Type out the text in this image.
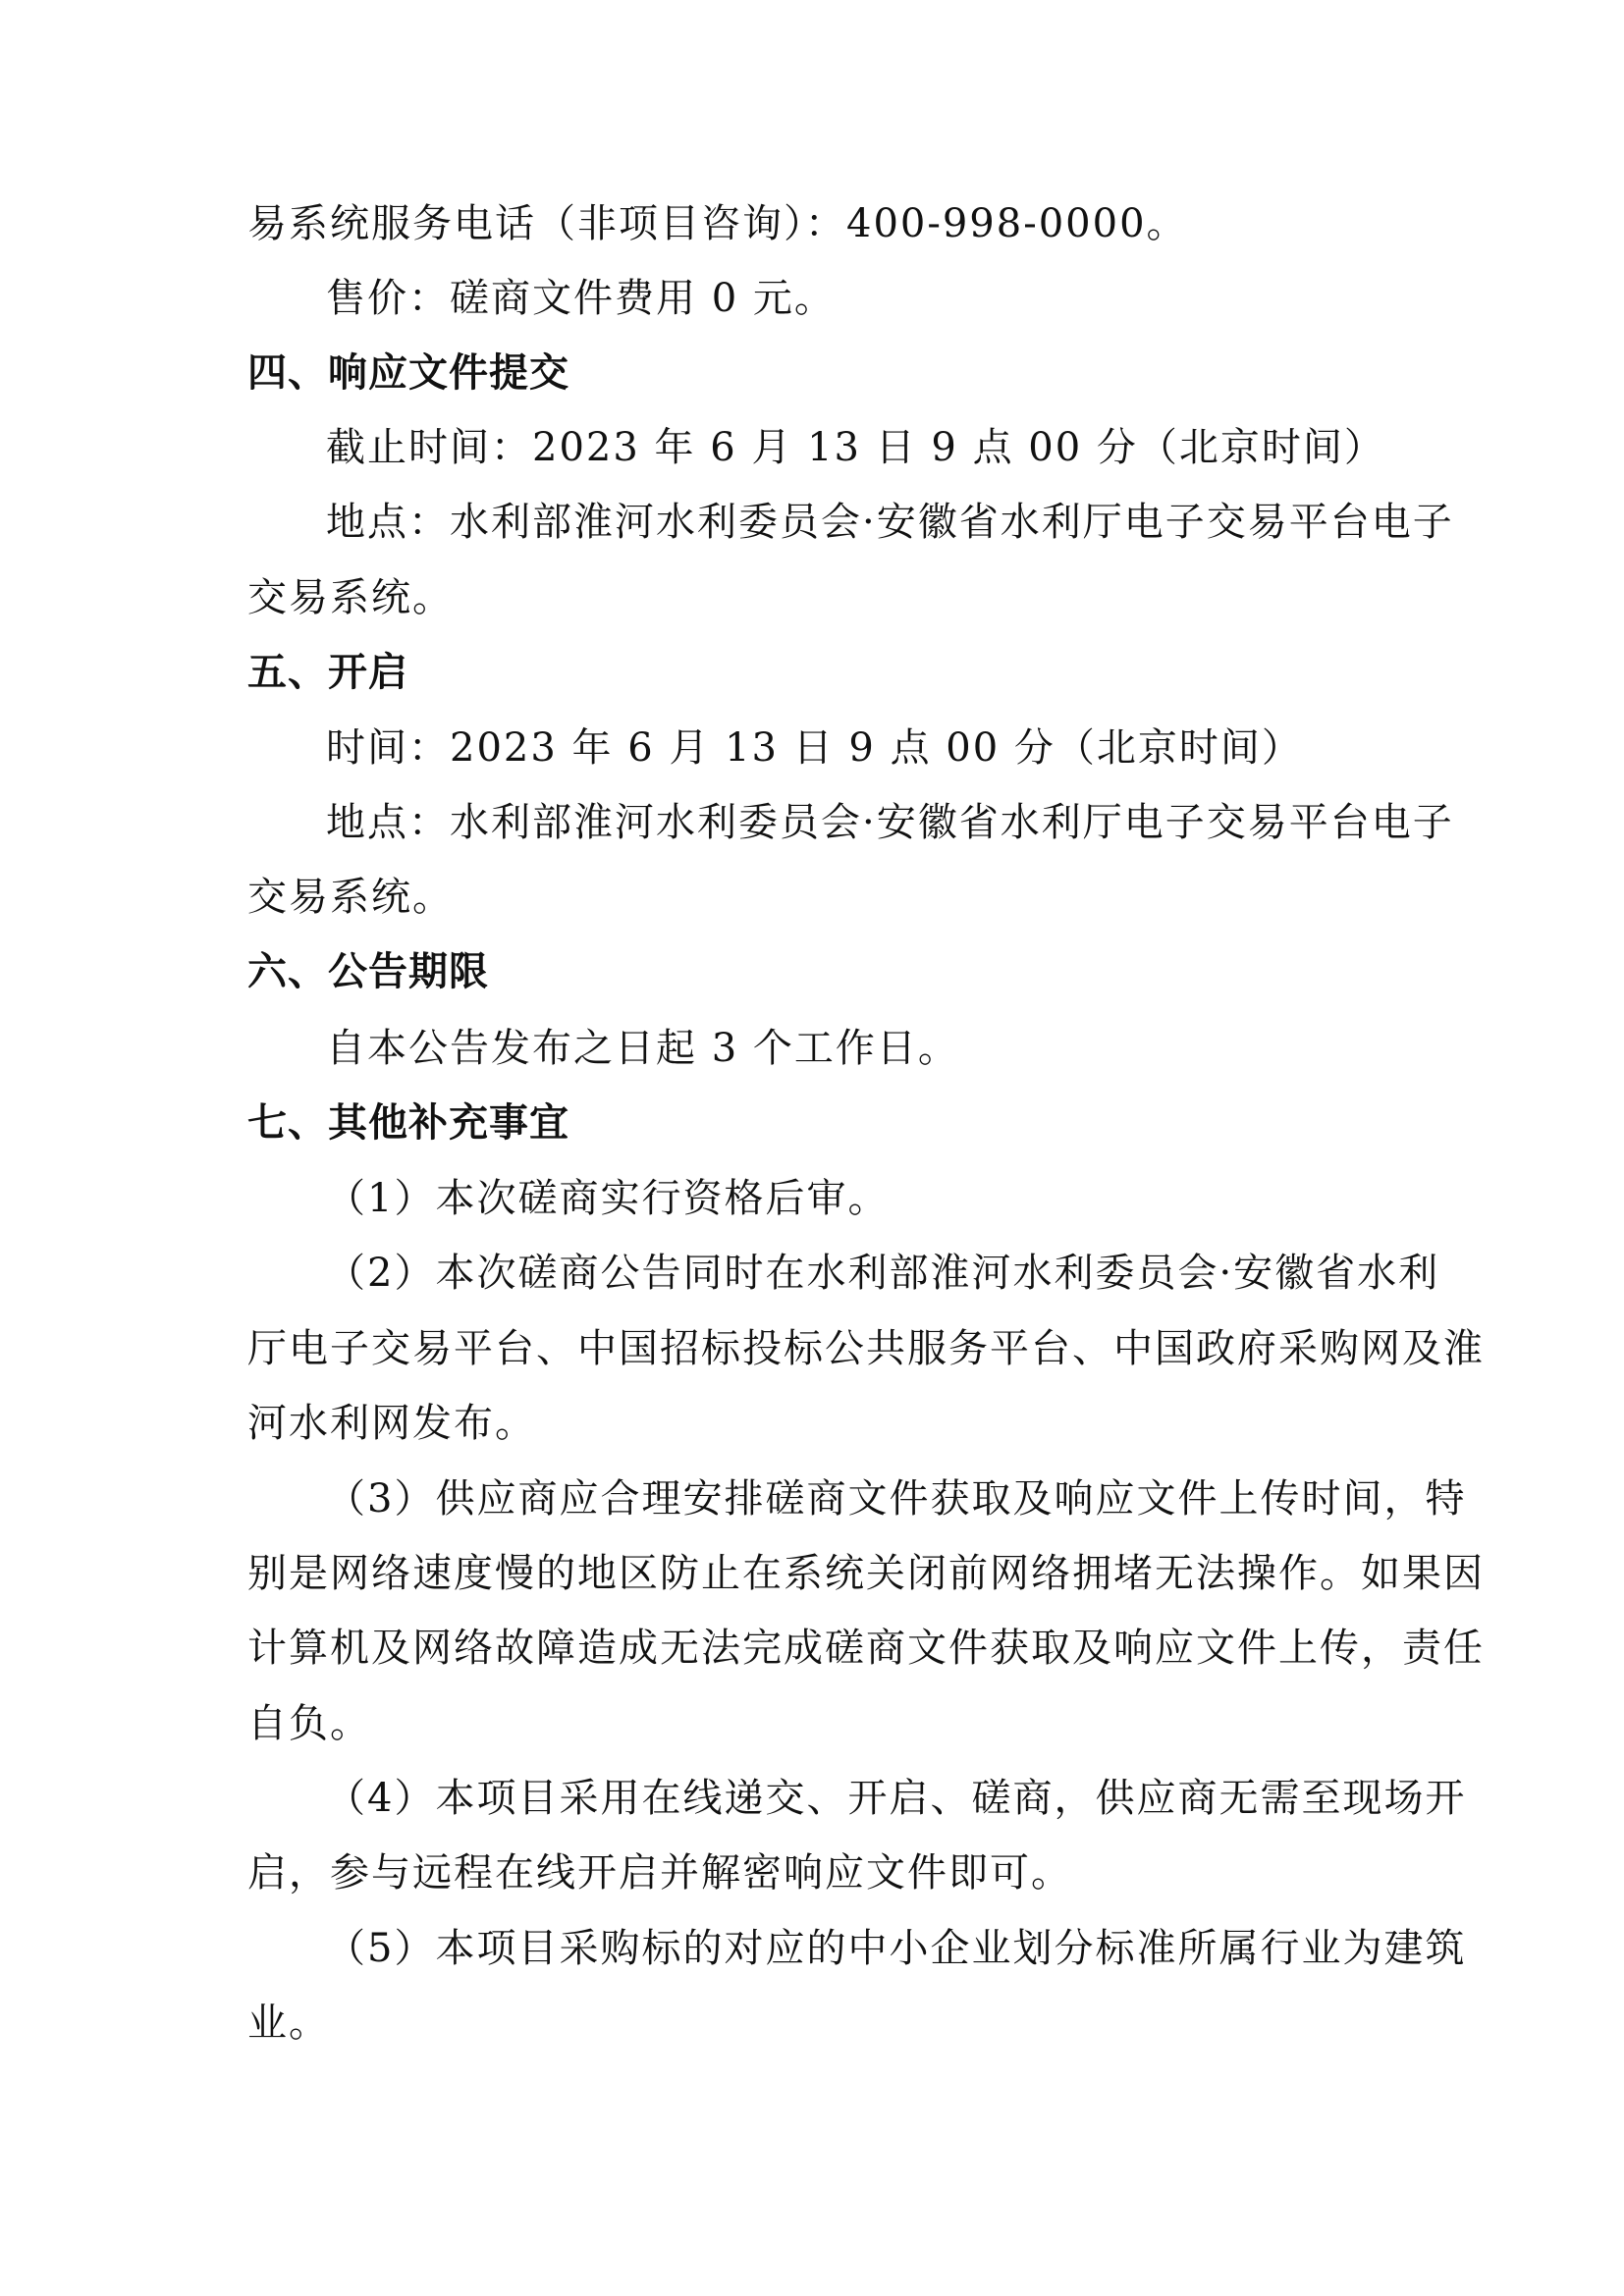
易系统服务电话（非项目咨询）：400-998-0000。
售价：磋商文件费用 0 元。
四、响应文件提交
截止时间：2023 年 6 月 13 日 9 点 00 分（北京时间）
地点：水利部淮河水利委员会·安徽省水利厅电子交易平台电子
交易系统。
五、开启
时间：2023 年 6 月 13 日 9 点 00 分（北京时间）
地点：水利部淮河水利委员会·安徽省水利厅电子交易平台电子
交易系统。
六、公告期限
自本公告发布之日起 3 个工作日。
七、其他补充事宜
（1）本次磋商实行资格后审。
（2）本次磋商公告同时在水利部淮河水利委员会·安徽省水利
厅电子交易平台、中国招标投标公共服务平台、中国政府采购网及淮
河水利网发布。
（3）供应商应合理安排磋商文件获取及响应文件上传时间，特
别是网络速度慢的地区防止在系统关闭前网络拥堵无法操作。如果因
计算机及网络故障造成无法完成磋商文件获取及响应文件上传，责任
自负。
（4）本项目采用在线递交、开启、磋商，供应商无需至现场开
启，参与远程在线开启并解密响应文件即可。
（5）本项目采购标的对应的中小企业划分标准所属行业为建筑
业。
